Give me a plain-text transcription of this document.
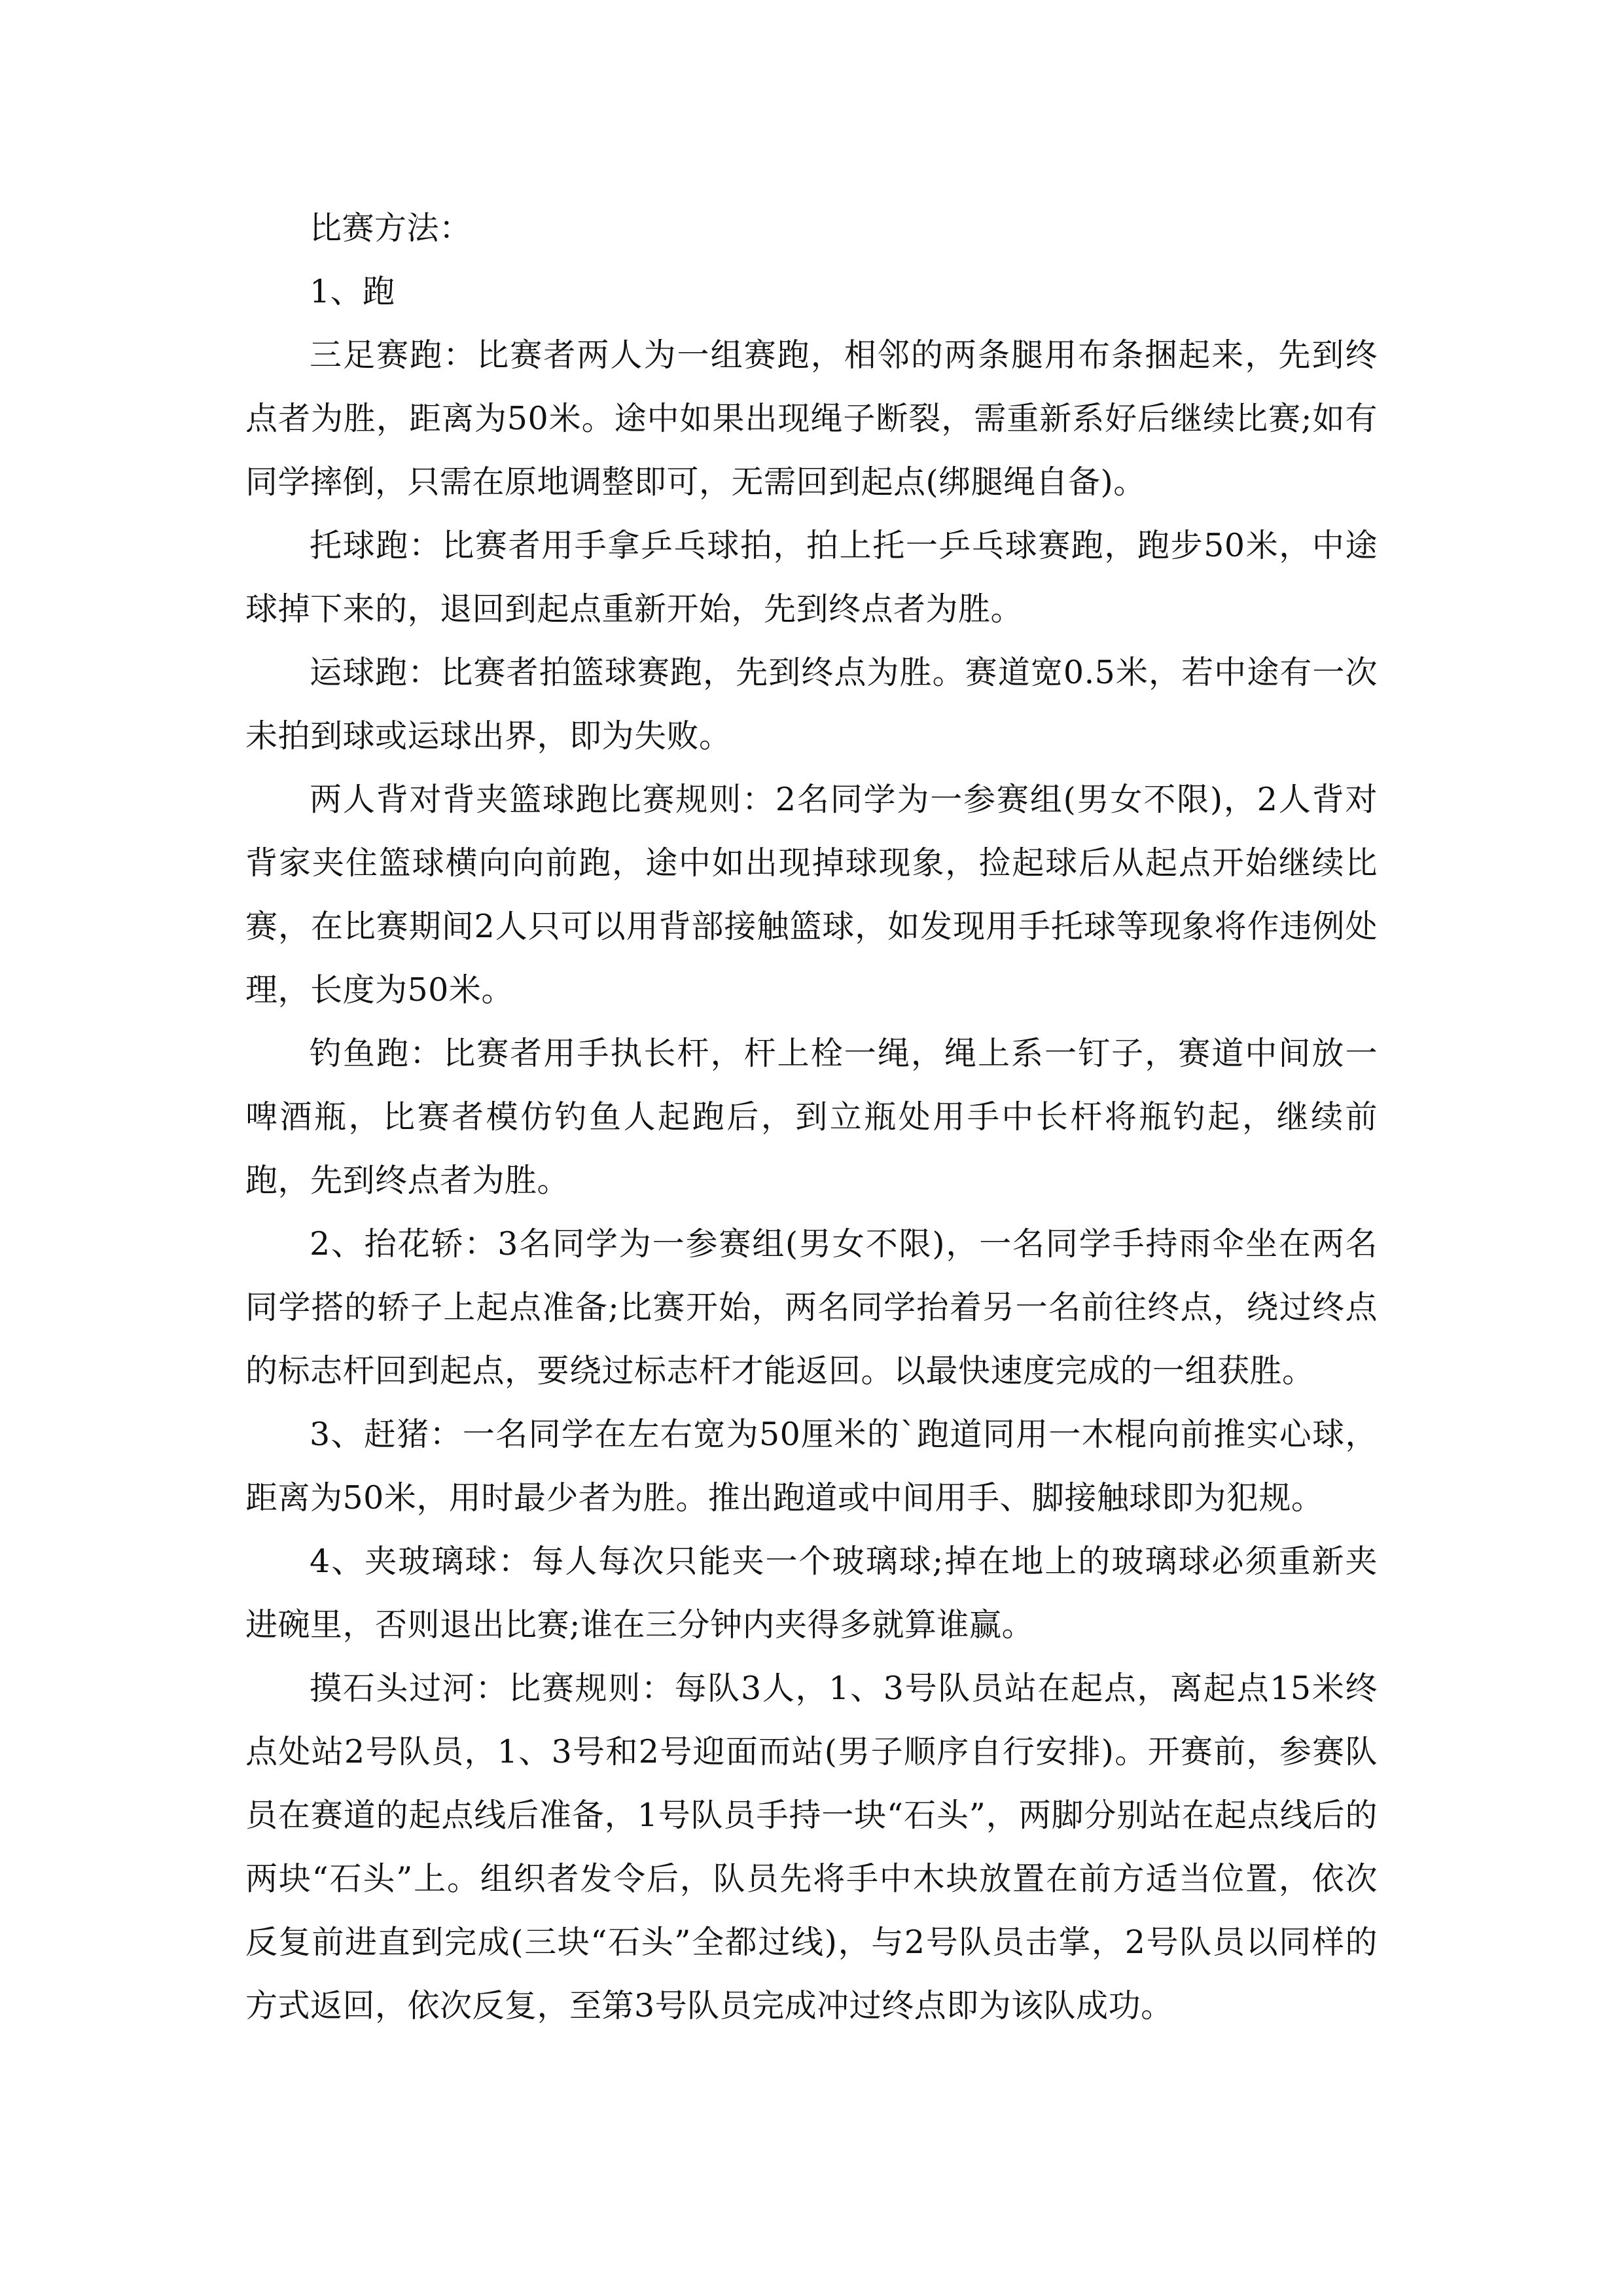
比赛方法：

1、跑

三足赛跑：比赛者两人为一组赛跑，相邻的两条腿用布条捆起来，先到终点者为胜，距离为50米。途中如果出现绳子断裂，需重新系好后继续比赛;如有同学摔倒，只需在原地调整即可，无需回到起点(绑腿绳自备)。

托球跑：比赛者用手拿乒乓球拍，拍上托一乒乓球赛跑，跑步50米，中途球掉下来的，退回到起点重新开始，先到终点者为胜。

运球跑：比赛者拍篮球赛跑，先到终点为胜。赛道宽0.5米，若中途有一次未拍到球或运球出界，即为失败。

两人背对背夹篮球跑比赛规则：2名同学为一参赛组(男女不限)，2人背对背家夹住篮球横向向前跑，途中如出现掉球现象，捡起球后从起点开始继续比赛，在比赛期间2人只可以用背部接触篮球，如发现用手托球等现象将作违例处理，长度为50米。

钓鱼跑：比赛者用手执长杆，杆上栓一绳，绳上系一钉子，赛道中间放一啤酒瓶，比赛者模仿钓鱼人起跑后，到立瓶处用手中长杆将瓶钓起，继续前跑，先到终点者为胜。

2、抬花轿：3名同学为一参赛组(男女不限)，一名同学手持雨伞坐在两名同学搭的轿子上起点准备;比赛开始，两名同学抬着另一名前往终点，绕过终点的标志杆回到起点，要绕过标志杆才能返回。以最快速度完成的一组获胜。

3、赶猪：一名同学在左右宽为50厘米的`跑道同用一木棍向前推实心球，距离为50米，用时最少者为胜。推出跑道或中间用手、脚接触球即为犯规。

4、夹玻璃球：每人每次只能夹一个玻璃球;掉在地上的玻璃球必须重新夹进碗里，否则退出比赛;谁在三分钟内夹得多就算谁赢。

摸石头过河：比赛规则：每队3人，1、3号队员站在起点，离起点15米终点处站2号队员，1、3号和2号迎面而站(男子顺序自行安排)。开赛前，参赛队员在赛道的起点线后准备，1号队员手持一块“石头”，两脚分别站在起点线后的两块“石头”上。组织者发令后，队员先将手中木块放置在前方适当位置，依次反复前进直到完成(三块“石头”全都过线)，与2号队员击掌，2号队员以同样的方式返回，依次反复，至第3号队员完成冲过终点即为该队成功。
